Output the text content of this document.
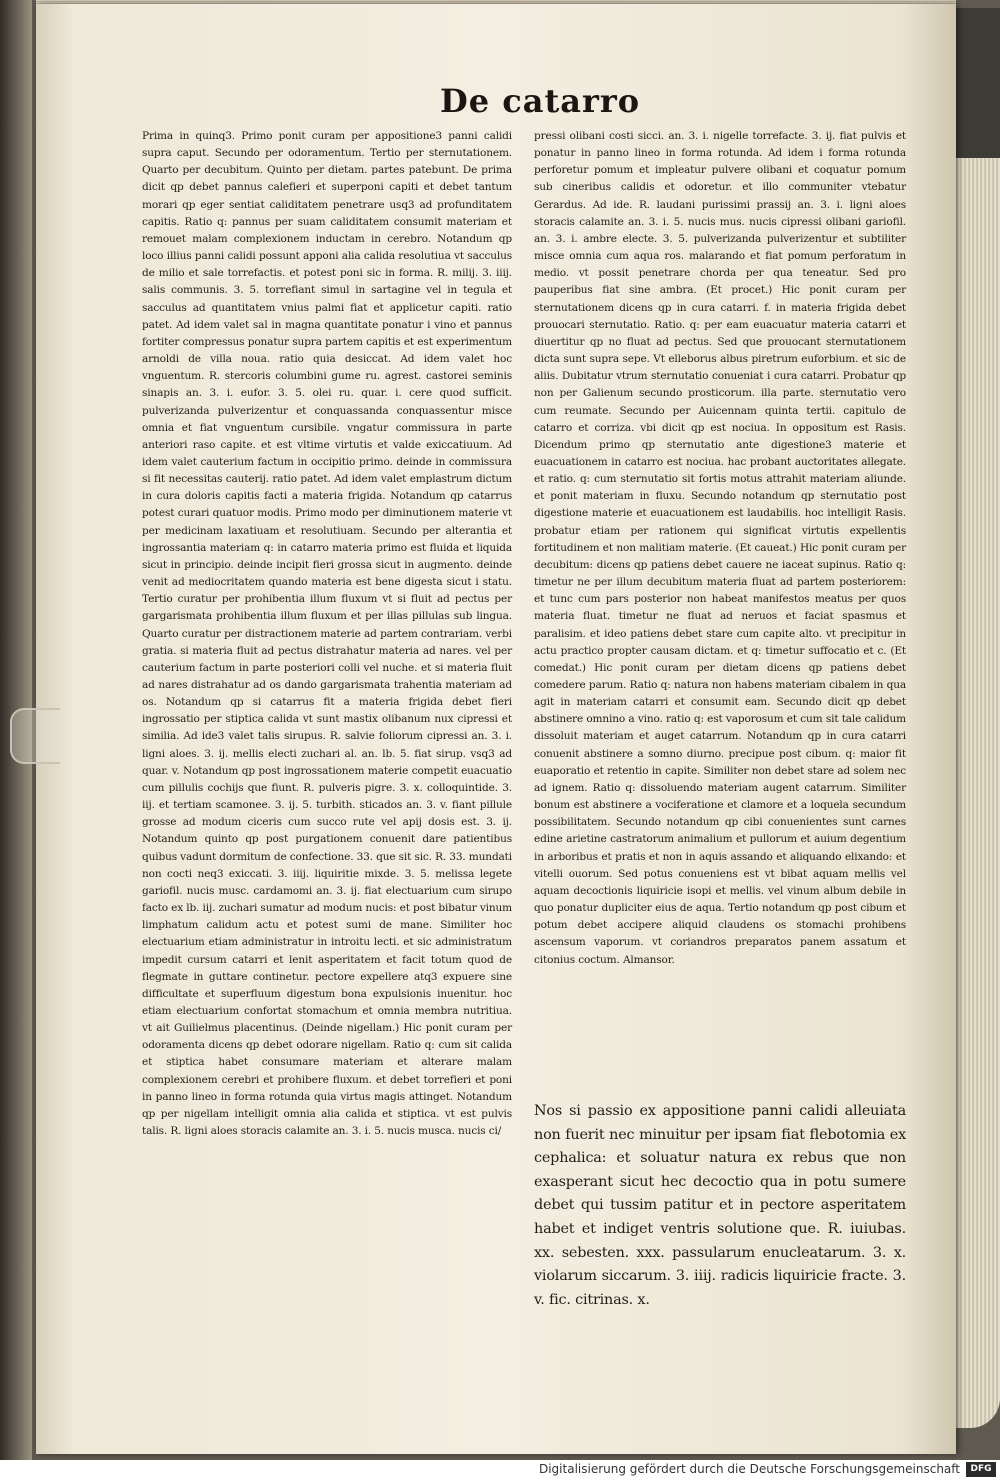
De catarro

Prima in quinq3. Primo ponit curam per appositione3 panni calidi supra caput. Secundo per odoramentum. Tertio per sternutationem. Quarto per decubitum. Quinto per dietam. partes patebunt. De prima dicit qp debet pannus calefieri et superponi capiti et debet tantum morari qp eger sentiat caliditatem penetrare usq3 ad profunditatem capitis. Ratio q: pannus per suam caliditatem consumit materiam et remouet malam complexionem inductam in cerebro. Notandum qp loco illius panni calidi possunt apponi alia calida resolutiua vt sacculus de milio et sale torrefactis. et potest poni sic in forma. R. milij. 3. iiij. salis communis. 3. 5. torrefiant simul in sartagine vel in tegula et sacculus ad quantitatem vnius palmi fiat et applicetur capiti. ratio patet. Ad idem valet sal in magna quantitate ponatur i vino et pannus fortiter compressus ponatur supra partem capitis et est experimentum arnoldi de villa noua. ratio quia desiccat. Ad idem valet hoc vnguentum. R. stercoris columbini gume ru. agrest. castorei seminis sinapis an. 3. i. eufor. 3. 5. olei ru. quar. i. cere quod sufficit. pulverizanda pulverizentur et conquassanda conquassentur misce omnia et fiat vnguentum cursibile. vngatur commissura in parte anteriori raso capite. et est vltime virtutis et valde exiccatiuum. Ad idem valet cauterium factum in occipitio primo. deinde in commissura si fit necessitas cauterij. ratio patet. Ad idem valet emplastrum dictum in cura doloris capitis facti a materia frigida. Notandum qp catarrus potest curari quatuor modis. Primo modo per diminutionem materie vt per medicinam laxatiuam et resolutiuam. Secundo per alterantia et ingrossantia materiam q: in catarro materia primo est fluida et liquida sicut in principio. deinde incipit fieri grossa sicut in augmento. deinde venit ad mediocritatem quando materia est bene digesta sicut i statu. Tertio curatur per prohibentia illum fluxum vt si fluit ad pectus per gargarismata prohibentia illum fluxum et per illas pillulas sub lingua. Quarto curatur per distractionem materie ad partem contrariam. verbi gratia. si materia fluit ad pectus distrahatur materia ad nares. vel per cauterium factum in parte posteriori colli vel nuche. et si materia fluit ad nares distrahatur ad os dando gargarismata trahentia materiam ad os. Notandum qp si catarrus fit a materia frigida debet fieri ingrossatio per stiptica calida vt sunt mastix olibanum nux cipressi et similia. Ad ide3 valet talis sirupus. R. salvie foliorum cipressi an. 3. i. ligni aloes. 3. ij. mellis electi zuchari al. an. lb. 5. fiat sirup. vsq3 ad quar. v. Notandum qp post ingrossationem materie competit euacuatio cum pillulis cochijs que fiunt. R. pulveris pigre. 3. x. colloquintide. 3. iij. et tertiam scamonee. 3. ij. 5. turbith. sticados an. 3. v. fiant pillule grosse ad modum ciceris cum succo rute vel apij dosis est. 3. ij. Notandum quinto qp post purgationem conuenit dare patientibus quibus vadunt dormitum de confectione. 33. que sit sic. R. 33. mundati non cocti neq3 exiccati. 3. iiij. liquiritie mixde. 3. 5. melissa legete gariofil. nucis musc. cardamomi an. 3. ij. fiat electuarium cum sirupo facto ex lb. iij. zuchari sumatur ad modum nucis: et post bibatur vinum limphatum calidum actu et potest sumi de mane. Similiter hoc electuarium etiam administratur in introitu lecti. et sic administratum impedit cursum catarri et lenit asperitatem et facit totum quod de flegmate in guttare continetur. pectore expellere atq3 expuere sine difficultate et superfluum digestum bona expulsionis inuenitur. hoc etiam electuarium confortat stomachum et omnia membra nutritiua. vt ait Guilielmus placentinus. (Deinde nigellam.) Hic ponit curam per odoramenta dicens qp debet odorare nigellam. Ratio q: cum sit calida et stiptica habet consumare materiam et alterare malam complexionem cerebri et prohibere fluxum. et debet torrefieri et poni in panno lineo in forma rotunda quia virtus magis attinget. Notandum qp per nigellam intelligit omnia alia calida et stiptica. vt est pulvis talis. R. ligni aloes storacis calamite an. 3. i. 5. nucis musca. nucis ci/

pressi olibani costi sicci. an. 3. i. nigelle torrefacte. 3. ij. fiat pulvis et ponatur in panno lineo in forma rotunda. Ad idem i forma rotunda perforetur pomum et impleatur pulvere olibani et coquatur pomum sub cineribus calidis et odoretur. et illo communiter vtebatur Gerardus. Ad ide. R. laudani purissimi prassij an. 3. i. ligni aloes storacis calamite an. 3. i. 5. nucis mus. nucis cipressi olibani gariofil. an. 3. i. ambre electe. 3. 5. pulverizanda pulverizentur et subtiliter misce omnia cum aqua ros. malarando et fiat pomum perforatum in medio. vt possit penetrare chorda per qua teneatur. Sed pro pauperibus fiat sine ambra. (Et procet.) Hic ponit curam per sternutationem dicens qp in cura catarri. f. in materia frigida debet prouocari sternutatio. Ratio. q: per eam euacuatur materia catarri et diuertitur qp no fluat ad pectus. Sed que prouocant sternutationem dicta sunt supra sepe. Vt elleborus albus piretrum euforbium. et sic de aliis. Dubitatur vtrum sternutatio conueniat i cura catarri. Probatur qp non per Galienum secundo prosticorum. illa parte. sternutatio vero cum reumate. Secundo per Auicennam quinta tertii. capitulo de catarro et corriza. vbi dicit qp est nociua. In oppositum est Rasis. Dicendum primo qp sternutatio ante digestione3 materie et euacuationem in catarro est nociua. hac probant auctoritates allegate. et ratio. q: cum sternutatio sit fortis motus attrahit materiam aliunde. et ponit materiam in fluxu. Secundo notandum qp sternutatio post digestione materie et euacuationem est laudabilis. hoc intelligit Rasis. probatur etiam per rationem qui significat virtutis expellentis fortitudinem et non malitiam materie. (Et caueat.) Hic ponit curam per decubitum: dicens qp patiens debet cauere ne iaceat supinus. Ratio q: timetur ne per illum decubitum materia fluat ad partem posteriorem: et tunc cum pars posterior non habeat manifestos meatus per quos materia fluat. timetur ne fluat ad neruos et faciat spasmus et paralisim. et ideo patiens debet stare cum capite alto. vt precipitur in actu practico propter causam dictam. et q: timetur suffocatio et c. (Et comedat.) Hic ponit curam per dietam dicens qp patiens debet comedere parum. Ratio q: natura non habens materiam cibalem in qua agit in materiam catarri et consumit eam. Secundo dicit qp debet abstinere omnino a vino. ratio q: est vaporosum et cum sit tale calidum dissoluit materiam et auget catarrum. Notandum qp in cura catarri conuenit abstinere a somno diurno. precipue post cibum. q: maior fit euaporatio et retentio in capite. Similiter non debet stare ad solem nec ad ignem. Ratio q: dissoluendo materiam augent catarrum. Similiter bonum est abstinere a vociferatione et clamore et a loquela secundum possibilitatem. Secundo notandum qp cibi conuenientes sunt carnes edine arietine castratorum animalium et pullorum et auium degentium in arboribus et pratis et non in aquis assando et aliquando elixando: et vitelli ouorum. Sed potus conueniens est vt bibat aquam mellis vel aquam decoctionis liquiricie isopi et mellis. vel vinum album debile in quo ponatur dupliciter eius de aqua. Tertio notandum qp post cibum et potum debet accipere aliquid claudens os stomachi prohibens ascensum vaporum. vt coriandros preparatos panem assatum et citonius coctum. Almansor.

Nos si passio ex appositione panni calidi alleuiata non fuerit nec minuitur per ipsam fiat flebotomia ex cephalica: et soluatur natura ex rebus que non exasperant sicut hec decoctio qua in potu sumere debet qui tussim patitur et in pectore asperitatem habet et indiget ventris solutione que. R. iuiubas. xx. sebesten. xxx. passularum enucleatarum. 3. x. violarum siccarum. 3. iiij. radicis liquiricie fracte. 3. v. fic. citrinas. x.

Digitalisierung gefördert durch die Deutsche Forschungsgemeinschaft	DFG
